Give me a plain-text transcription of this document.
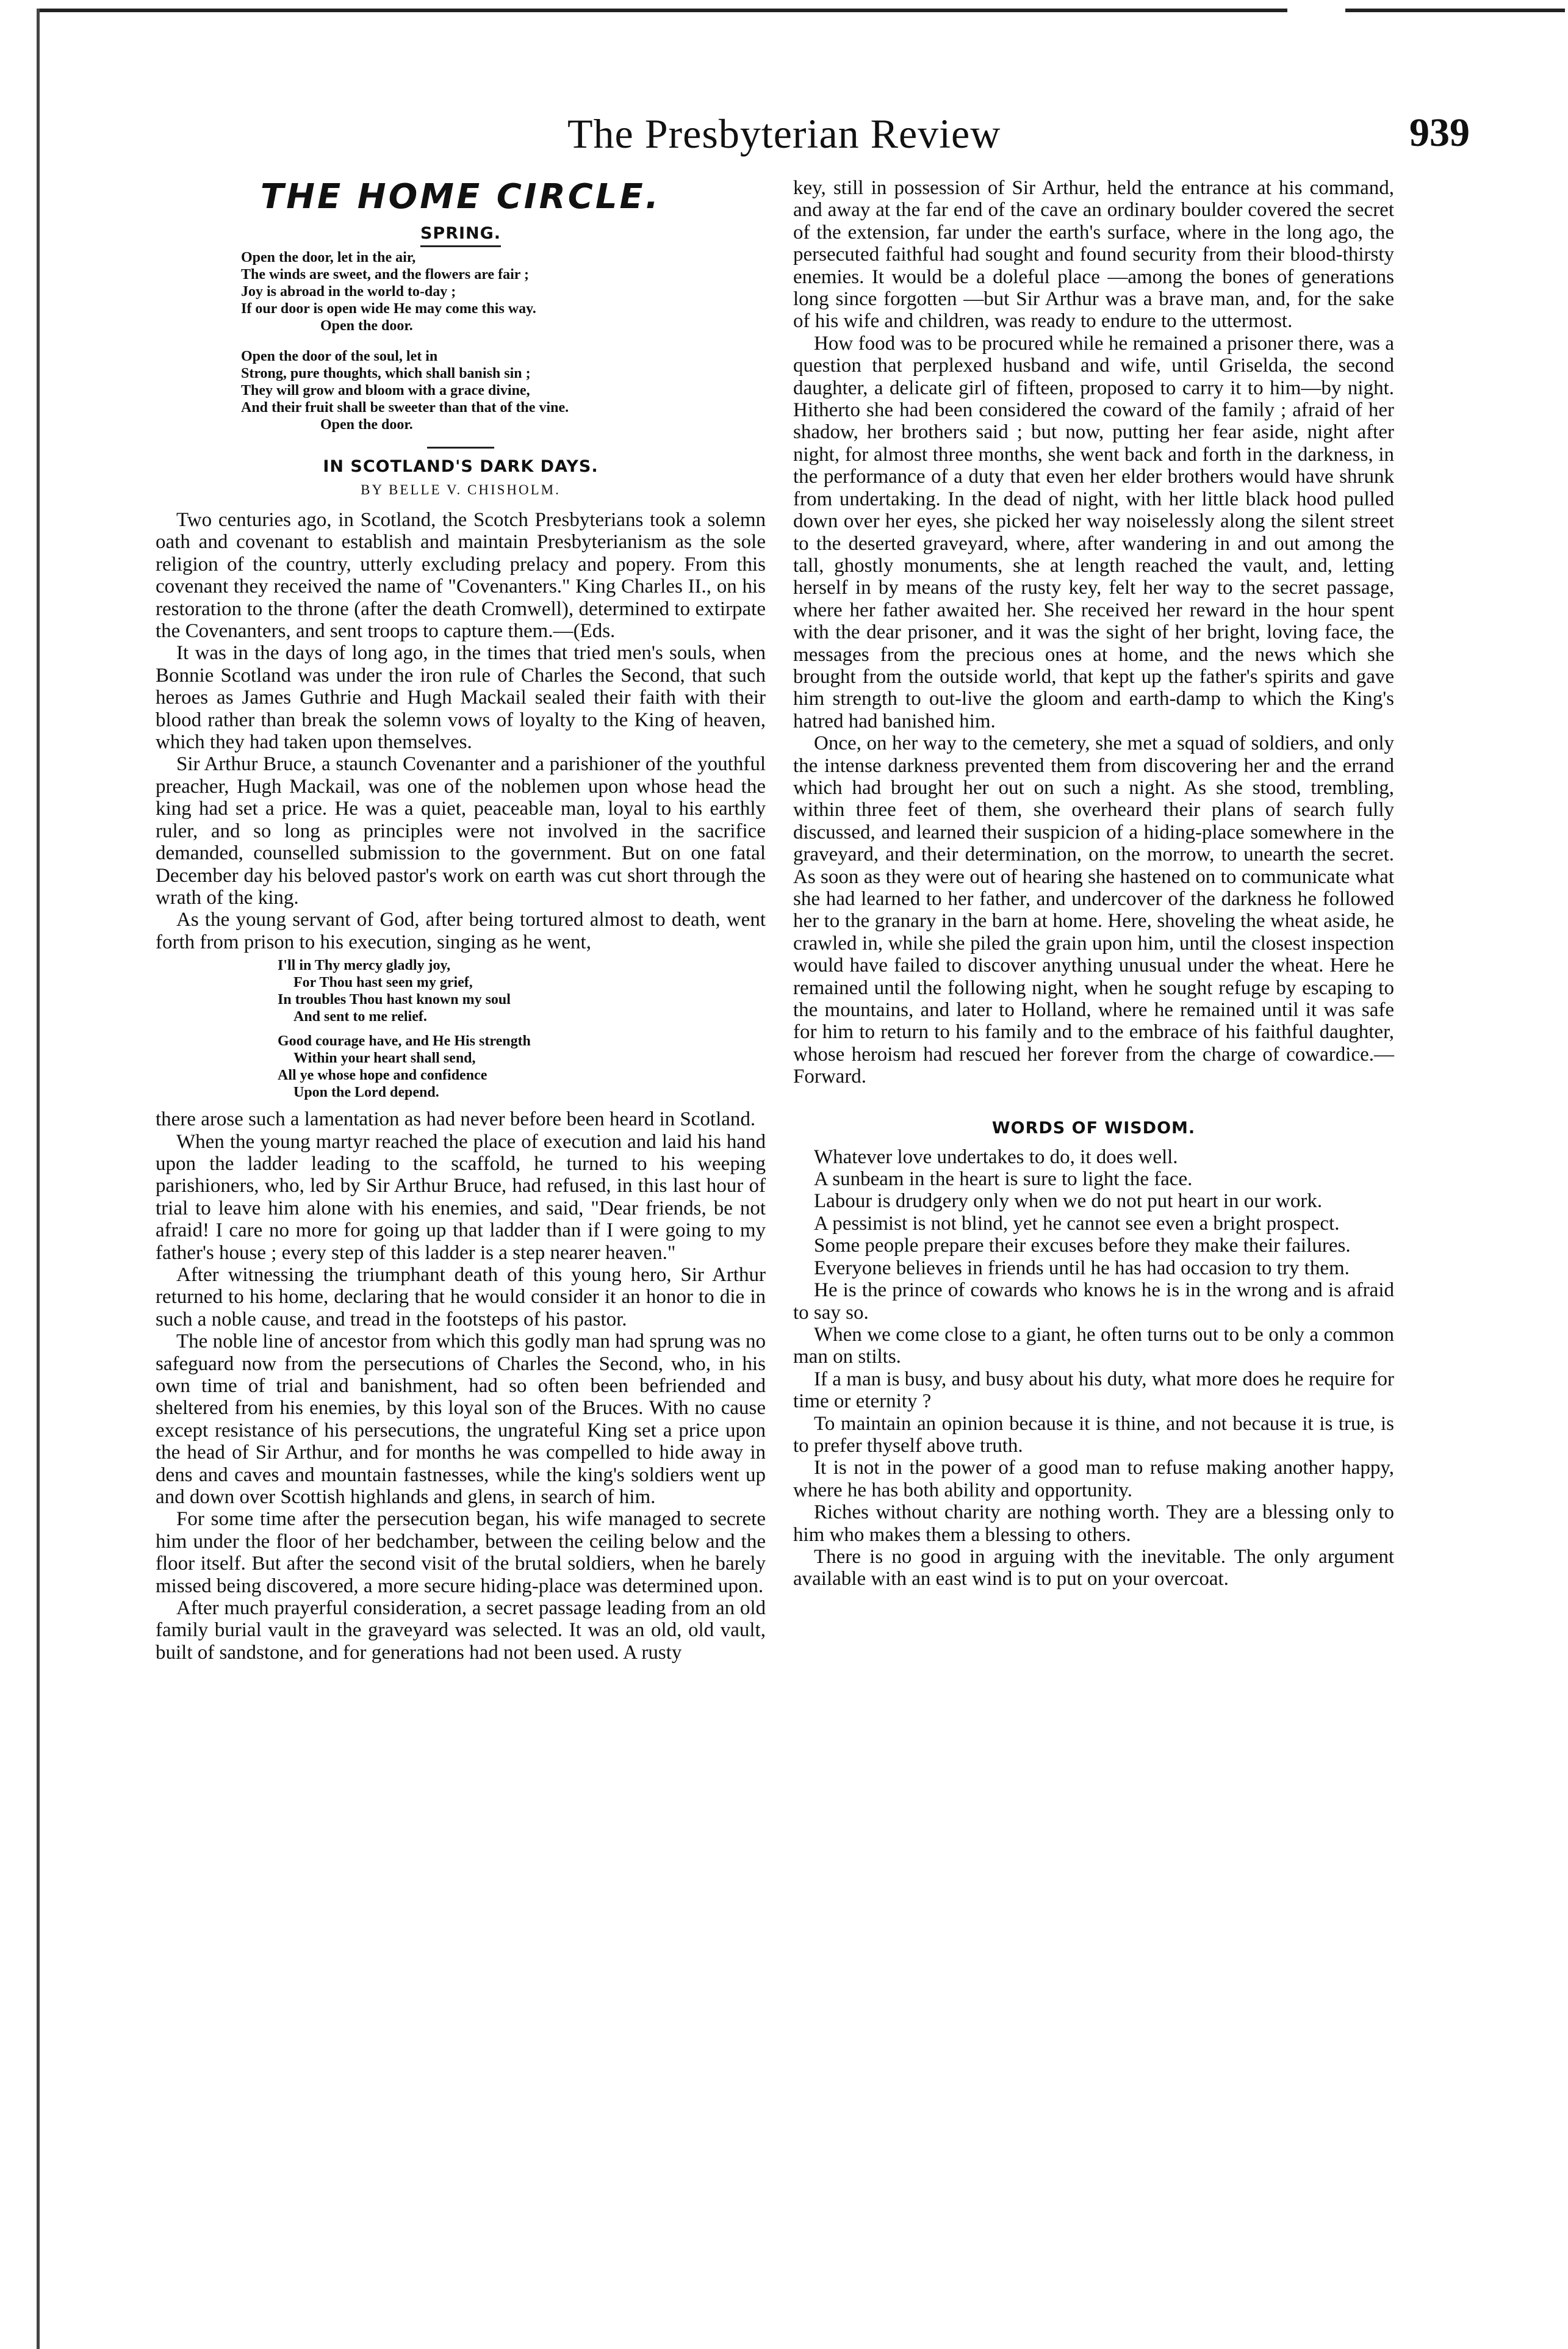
The Presbyterian Review	939
THE HOME CIRCLE.
SPRING.
Open the door, let in the air,
The winds are sweet, and the flowers are fair ;
Joy is abroad in the world to-day ;
If our door is open wide He may come this way.
Open the door.
Open the door of the soul, let in
Strong, pure thoughts, which shall banish sin ;
They will grow and bloom with a grace divine,
And their fruit shall be sweeter than that of the vine.
Open the door.
IN SCOTLAND'S DARK DAYS.
BY BELLE V. CHISHOLM.

Two centuries ago, in Scotland, the Scotch Presbyterians took a solemn oath and covenant to establish and maintain Presbyterianism as the sole religion of the country, utterly excluding prelacy and popery. From this covenant they received the name of "Covenanters." King Charles II., on his restoration to the throne (after the death Cromwell), determined to extirpate the Covenanters, and sent troops to capture them.—(Eds.

It was in the days of long ago, in the times that tried men's souls, when Bonnie Scotland was under the iron rule of Charles the Second, that such heroes as James Guthrie and Hugh Mackail sealed their faith with their blood rather than break the solemn vows of loyalty to the King of heaven, which they had taken upon themselves.

Sir Arthur Bruce, a staunch Covenanter and a parishioner of the youthful preacher, Hugh Mackail, was one of the noblemen upon whose head the king had set a price. He was a quiet, peaceable man, loyal to his earthly ruler, and so long as principles were not involved in the sacrifice demanded, counselled submission to the government. But on one fatal December day his beloved pastor's work on earth was cut short through the wrath of the king.

As the young servant of God, after being tortured almost to death, went forth from prison to his execution, singing as he went,

I'll in Thy mercy gladly joy,
For Thou hast seen my grief,
In troubles Thou hast known my soul
And sent to me relief.
Good courage have, and He His strength
Within your heart shall send,
All ye whose hope and confidence
Upon the Lord depend.

there arose such a lamentation as had never before been heard in Scotland.

When the young martyr reached the place of execution and laid his hand upon the ladder leading to the scaffold, he turned to his weeping parishioners, who, led by Sir Arthur Bruce, had refused, in this last hour of trial to leave him alone with his enemies, and said, "Dear friends, be not afraid! I care no more for going up that ladder than if I were going to my father's house ; every step of this ladder is a step nearer heaven."

After witnessing the triumphant death of this young hero, Sir Arthur returned to his home, declaring that he would consider it an honor to die in such a noble cause, and tread in the footsteps of his pastor.

The noble line of ancestor from which this godly man had sprung was no safeguard now from the persecutions of Charles the Second, who, in his own time of trial and banishment, had so often been befriended and sheltered from his enemies, by this loyal son of the Bruces. With no cause except resistance of his persecutions, the ungrateful King set a price upon the head of Sir Arthur, and for months he was compelled to hide away in dens and caves and mountain fastnesses, while the king's soldiers went up and down over Scottish highlands and glens, in search of him.

For some time after the persecution began, his wife managed to secrete him under the floor of her bedchamber, between the ceiling below and the floor itself. But after the second visit of the brutal soldiers, when he barely missed being discovered, a more secure hiding-place was determined upon.

After much prayerful consideration, a secret passage leading from an old family burial vault in the graveyard was selected. It was an old, old vault, built of sandstone, and for generations had not been used. A rusty

key, still in possession of Sir Arthur, held the entrance at his command, and away at the far end of the cave an ordinary boulder covered the secret of the extension, far under the earth's surface, where in the long ago, the persecuted faithful had sought and found security from their blood-thirsty enemies. It would be a doleful place —among the bones of generations long since forgotten —but Sir Arthur was a brave man, and, for the sake of his wife and children, was ready to endure to the uttermost.

How food was to be procured while he remained a prisoner there, was a question that perplexed husband and wife, until Griselda, the second daughter, a delicate girl of fifteen, proposed to carry it to him—by night. Hitherto she had been considered the coward of the family ; afraid of her shadow, her brothers said ; but now, putting her fear aside, night after night, for almost three months, she went back and forth in the darkness, in the performance of a duty that even her elder brothers would have shrunk from undertaking. In the dead of night, with her little black hood pulled down over her eyes, she picked her way noiselessly along the silent street to the deserted graveyard, where, after wandering in and out among the tall, ghostly monuments, she at length reached the vault, and, letting herself in by means of the rusty key, felt her way to the secret passage, where her father awaited her. She received her reward in the hour spent with the dear prisoner, and it was the sight of her bright, loving face, the messages from the precious ones at home, and the news which she brought from the outside world, that kept up the father's spirits and gave him strength to out-live the gloom and earth-damp to which the King's hatred had banished him.

Once, on her way to the cemetery, she met a squad of soldiers, and only the intense darkness prevented them from discovering her and the errand which had brought her out on such a night. As she stood, trembling, within three feet of them, she overheard their plans of search fully discussed, and learned their suspicion of a hiding-place somewhere in the graveyard, and their determination, on the morrow, to unearth the secret. As soon as they were out of hearing she hastened on to communicate what she had learned to her father, and undercover of the darkness he followed her to the granary in the barn at home. Here, shoveling the wheat aside, he crawled in, while she piled the grain upon him, until the closest inspection would have failed to discover anything unusual under the wheat. Here he remained until the following night, when he sought refuge by escaping to the mountains, and later to Holland, where he remained until it was safe for him to return to his family and to the embrace of his faithful daughter, whose heroism had rescued her forever from the charge of cowardice.— Forward.

WORDS OF WISDOM.

Whatever love undertakes to do, it does well.

A sunbeam in the heart is sure to light the face.

Labour is drudgery only when we do not put heart in our work.

A pessimist is not blind, yet he cannot see even a bright prospect.

Some people prepare their excuses before they make their failures.

Everyone believes in friends until he has had occasion to try them.

He is the prince of cowards who knows he is in the wrong and is afraid to say so.

When we come close to a giant, he often turns out to be only a common man on stilts.

If a man is busy, and busy about his duty, what more does he require for time or eternity ?

To maintain an opinion because it is thine, and not because it is true, is to prefer thyself above truth.

It is not in the power of a good man to refuse making another happy, where he has both ability and opportunity.

Riches without charity are nothing worth. They are a blessing only to him who makes them a blessing to others.

There is no good in arguing with the inevitable. The only argument available with an east wind is to put on your overcoat.
